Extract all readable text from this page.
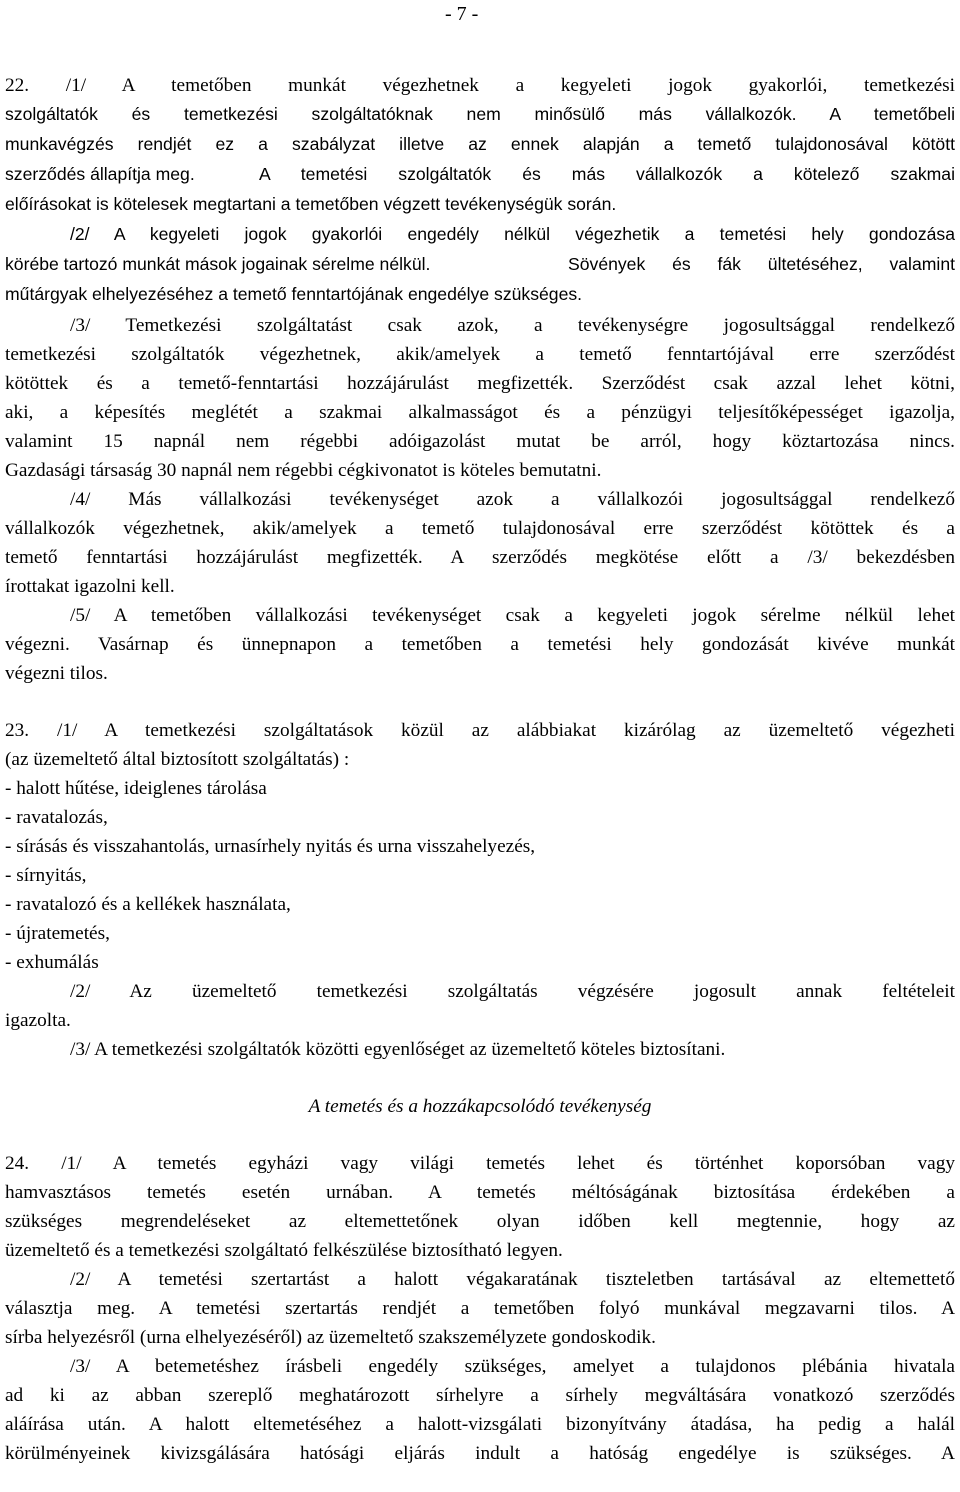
- 7 -
22. /1/ A temetőben munkát végezhetnek a kegyeleti jogok gyakorlói, temetkezési
szolgáltatók és temetkezési szolgáltatóknak nem minősülő más vállalkozók. A temetőbeli
munkavégzés rendjét ez a szabályzat illetve az ennek alapján a temető tulajdonosával kötött
szerződés állapítja meg.	A temetési szolgáltatók és más vállalkozók a kötelező szakmai
előírásokat is kötelesek megtartani a temetőben végzett tevékenységük során.
/2/ A kegyeleti jogok gyakorlói engedély nélkül végezhetik a temetési hely gondozása
körébe tartozó munkát mások jogainak sérelme nélkül.	Sövények és fák ültetéséhez, valamint
műtárgyak elhelyezéséhez a temető fenntartójának engedélye szükséges.
/3/ Temetkezési szolgáltatást csak azok, a tevékenységre jogosultsággal rendelkező
temetkezési szolgáltatók végezhetnek, akik/amelyek a temető fenntartójával erre szerződést
kötöttek és a temető-fenntartási hozzájárulást megfizették. Szerződést csak azzal lehet kötni,
aki, a képesítés meglétét a szakmai alkalmasságot és a pénzügyi teljesítőképességet igazolja,
valamint 15 napnál nem régebbi adóigazolást mutat be arról, hogy köztartozása nincs.
Gazdasági társaság 30 napnál nem régebbi cégkivonatot is köteles bemutatni.
/4/ Más vállalkozási tevékenységet azok a vállalkozói jogosultsággal rendelkező
vállalkozók végezhetnek, akik/amelyek a temető tulajdonosával erre szerződést kötöttek és a
temető fenntartási hozzájárulást megfizették. A szerződés megkötése előtt a /3/ bekezdésben
írottakat igazolni kell.
/5/ A temetőben vállalkozási tevékenységet csak a kegyeleti jogok sérelme nélkül lehet
végezni. Vasárnap és ünnepnapon a temetőben a temetési hely gondozását kivéve munkát
végezni tilos.
23. /1/ A temetkezési szolgáltatások közül az alábbiakat kizárólag az üzemeltető végezheti
(az üzemeltető által biztosított szolgáltatás) :
- halott hűtése, ideiglenes tárolása
- ravatalozás,
- sírásás és visszahantolás, urnasírhely nyitás és urna visszahelyezés,
- sírnyitás,
- ravatalozó és a kellékek használata,
- újratemetés,
- exhumálás
/2/ Az üzemeltető temetkezési szolgáltatás végzésére jogosult annak feltételeit
igazolta.
/3/ A temetkezési szolgáltatók közötti egyenlőséget az üzemeltető köteles biztosítani.
A temetés és a hozzákapcsolódó tevékenység
24. /1/ A temetés egyházi vagy világi temetés lehet és történhet koporsóban vagy
hamvasztásos temetés esetén urnában. A temetés méltóságának biztosítása érdekében a
szükséges megrendeléseket az eltemettetőnek olyan időben kell megtennie, hogy az
üzemeltető és a temetkezési szolgáltató felkészülése biztosítható legyen.
/2/ A temetési szertartást a halott végakaratának tiszteletben tartásával az eltemettető
választja meg. A temetési szertartás rendjét a temetőben folyó munkával megzavarni tilos. A
sírba helyezésről (urna elhelyezéséről) az üzemeltető szakszemélyzete gondoskodik.
/3/ A betemetéshez írásbeli engedély szükséges, amelyet a tulajdonos plébánia hivatala
ad ki az abban szereplő meghatározott sírhelyre a sírhely megváltására vonatkozó szerződés
aláírása után. A halott eltemetéséhez a halott-vizsgálati bizonyítvány átadása, ha pedig a halál
körülményeinek kivizsgálására hatósági eljárás indult a hatóság engedélye is szükséges. A
